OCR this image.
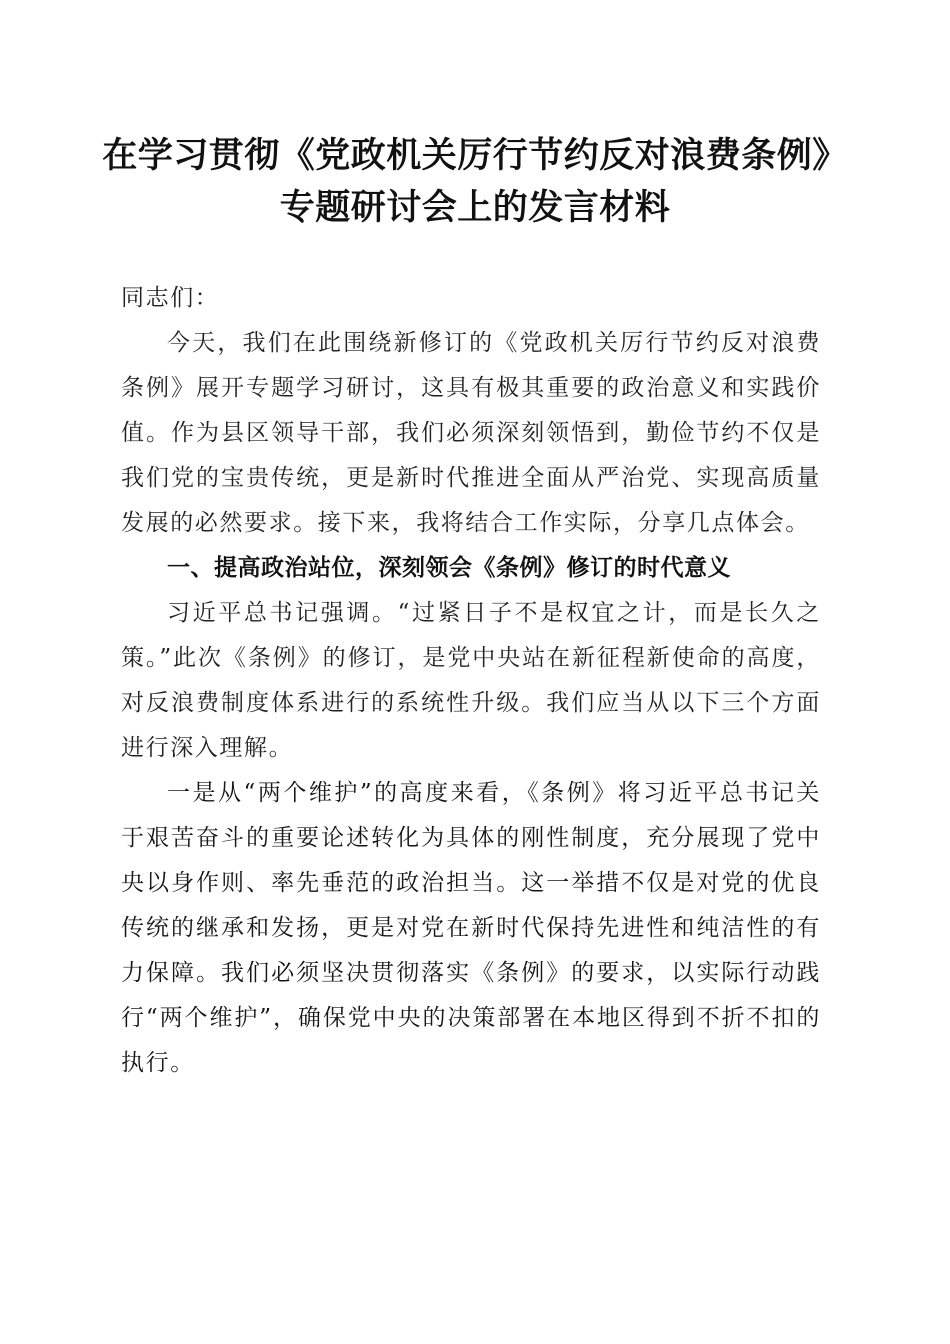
在学习贯彻《党政机关厉行节约反对浪费条例》专题研讨会上的发言材料

同志们：

今天，我们在此围绕新修订的《党政机关厉行节约反对浪费条例》展开专题学习研讨，这具有极其重要的政治意义和实践价值。作为县区领导干部，我们必须深刻领悟到，勤俭节约不仅是我们党的宝贵传统，更是新时代推进全面从严治党、实现高质量发展的必然要求。接下来，我将结合工作实际，分享几点体会。

一、提高政治站位，深刻领会《条例》修订的时代意义

习近平总书记强调。“过紧日子不是权宜之计，而是长久之策。”此次《条例》的修订，是党中央站在新征程新使命的高度，对反浪费制度体系进行的系统性升级。我们应当从以下三个方面进行深入理解。

一是从“两个维护”的高度来看，《条例》将习近平总书记关于艰苦奋斗的重要论述转化为具体的刚性制度，充分展现了党中央以身作则、率先垂范的政治担当。这一举措不仅是对党的优良传统的继承和发扬，更是对党在新时代保持先进性和纯洁性的有力保障。我们必须坚决贯彻落实《条例》的要求，以实际行动践行“两个维护”，确保党中央的决策部署在本地区得到不折不扣的执行。
